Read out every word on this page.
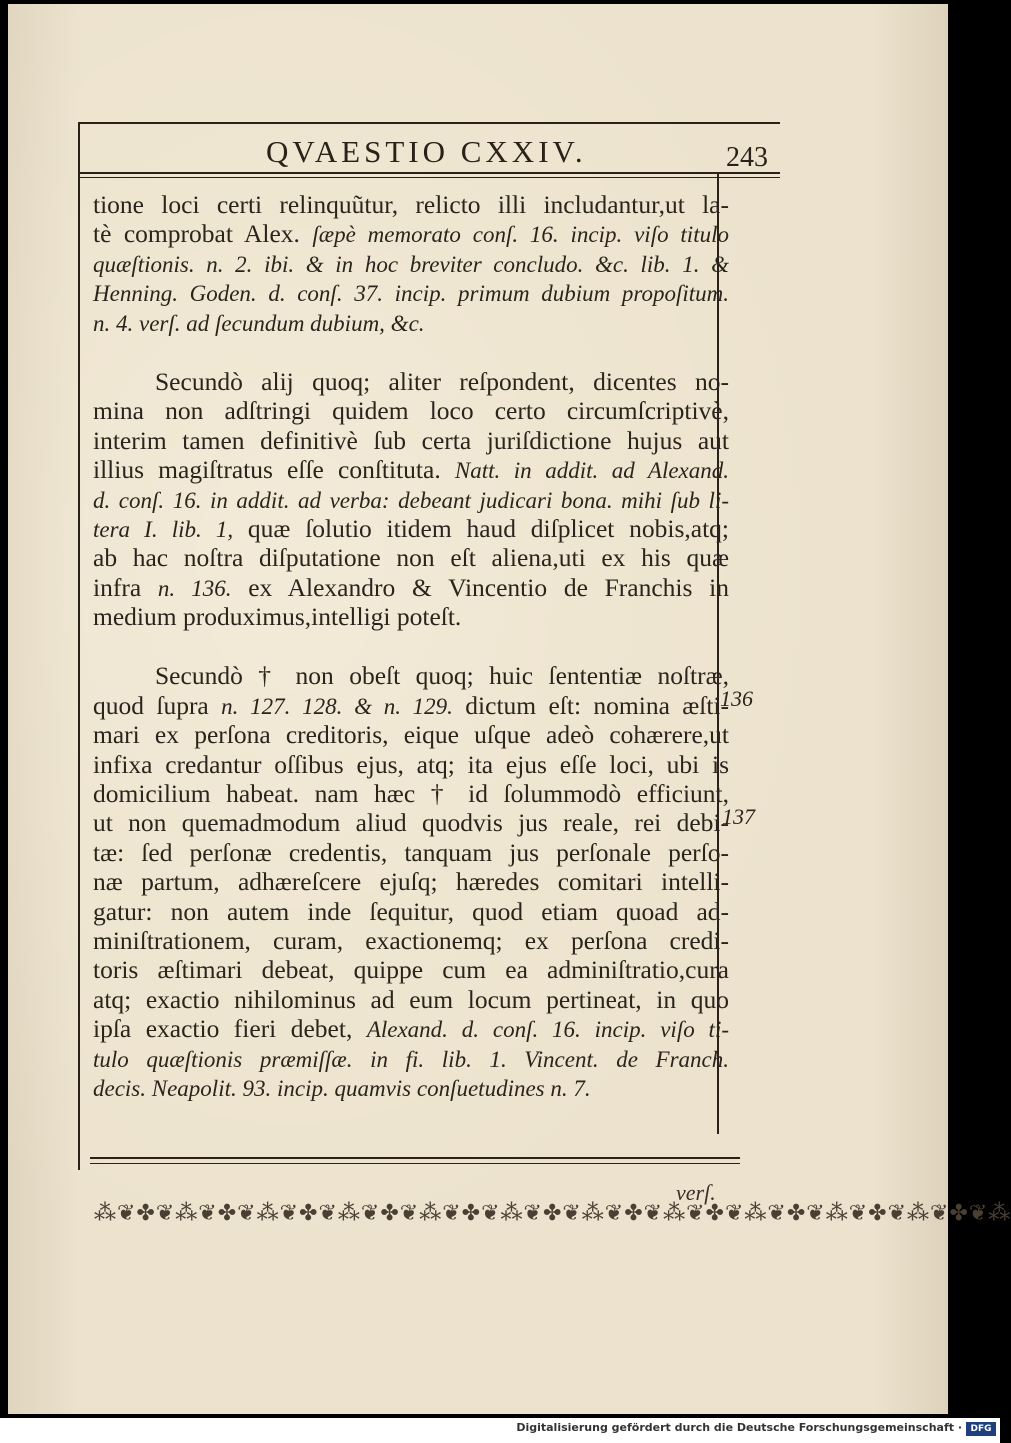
QVAESTIO CXXIV.	243
tione loci certi relinquũtur, relicto illi includantur,ut la-
tè comprobat Alex. ſæpè memorato conſ. 16. incip. viſo titulo
quæſtionis. n. 2. ibi. & in hoc breviter concludo. &c. lib. 1. &
Henning. Goden. d. conſ. 37. incip. primum dubium propoſitum.
n. 4. verſ. ad ſecundum dubium, &c.
Secundò alij quoq; aliter reſpondent, dicentes no-
mina non adſtringi quidem loco certo circumſcriptivè,
interim tamen definitivè ſub certa juriſdictione hujus aut
illius magiſtratus eſſe conſtituta. Natt. in addit. ad Alexand.
d. conſ. 16. in addit. ad verba: debeant judicari bona. mihi ſub li-
tera I. lib. 1, quæ ſolutio itidem haud diſplicet nobis,atq;
ab hac noſtra diſputatione non eſt aliena,uti ex his quæ
infra n. 136. ex Alexandro & Vincentio de Franchis in
medium produximus,intelligi poteſt.
Secundò † non obeſt quoq; huic ſententiæ noſtræ,
quod ſupra n. 127. 128. & n. 129. dictum eſt: nomina æſti-
mari ex perſona creditoris, eique uſque adeò cohærere,ut
infixa credantur oſſibus ejus, atq; ita ejus eſſe loci, ubi is
domicilium habeat. nam hæc † id ſolummodò efficiunt,
ut non quemadmodum aliud quodvis jus reale, rei debi-
tæ: ſed perſonæ credentis, tanquam jus perſonale perſo-
næ partum, adhæreſcere ejuſq; hæredes comitari intelli-
gatur: non autem inde ſequitur, quod etiam quoad ad-
miniſtrationem, curam, exactionemq; ex perſona credi-
toris æſtimari debeat, quippe cum ea adminiſtratio,cura
atq; exactio nihilominus ad eum locum pertineat, in quo
ipſa exactio fieri debet, Alexand. d. conſ. 16. incip. viſo ti-
tulo quæſtionis præmiſſæ. in fi. lib. 1. Vincent. de Franch.
decis. Neapolit. 93. incip. quamvis conſuetudines n. 7.
136
137
verſ.
⁂❦✤❦⁂❦✤❦⁂❦✤❦⁂❦✤❦⁂❦✤❦⁂❦✤❦⁂❦✤❦⁂❦✤❦⁂❦✤❦⁂❦✤❦⁂❦✤❦⁂
Digitalisierung gefördert durch die Deutsche Forschungsgemeinschaft · DFG
